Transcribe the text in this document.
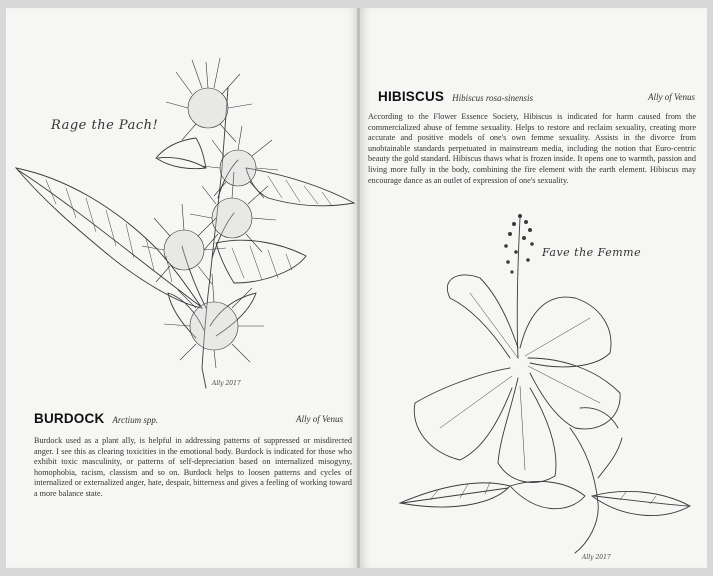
Rage the Pach!
Ally 2017
BURDOCK Arctium spp.	Ally of Venus

Burdock used as a plant ally, is helpful in addressing patterns of suppressed or misdirected anger. I see this as clearing toxicities in the emotional body. Burdock is indicated for those who exhibit toxic masculinity, or patterns of self-depreciation based on internalized misogyny, homophobia, racism, classism and so on. Burdock helps to loosen patterns and cycles of internalized or externalized anger, hate, despair, bitterness and gives a feeling of working toward a more balance state.

HIBISCUS Hibiscus rosa-sinensis	Ally of Venus

According to the Flower Essence Society, Hibiscus is indicated for harm caused from the commercialized abuse of femme sexuality. Helps to restore and reclaim sexuality, creating more accurate and positive models of one's own femme sexuality. Assists in the divorce from unobtainable standards perpetuated in mainstream media, including the notion that Euro-centric beauty the gold standard. Hibiscus thaws what is frozen inside. It opens one to warmth, passion and living more fully in the body, combining the fire element with the earth element. Hibiscus may encourage dance as an outlet of expression of one's sexuality.

Fave the Femme
Ally 2017
